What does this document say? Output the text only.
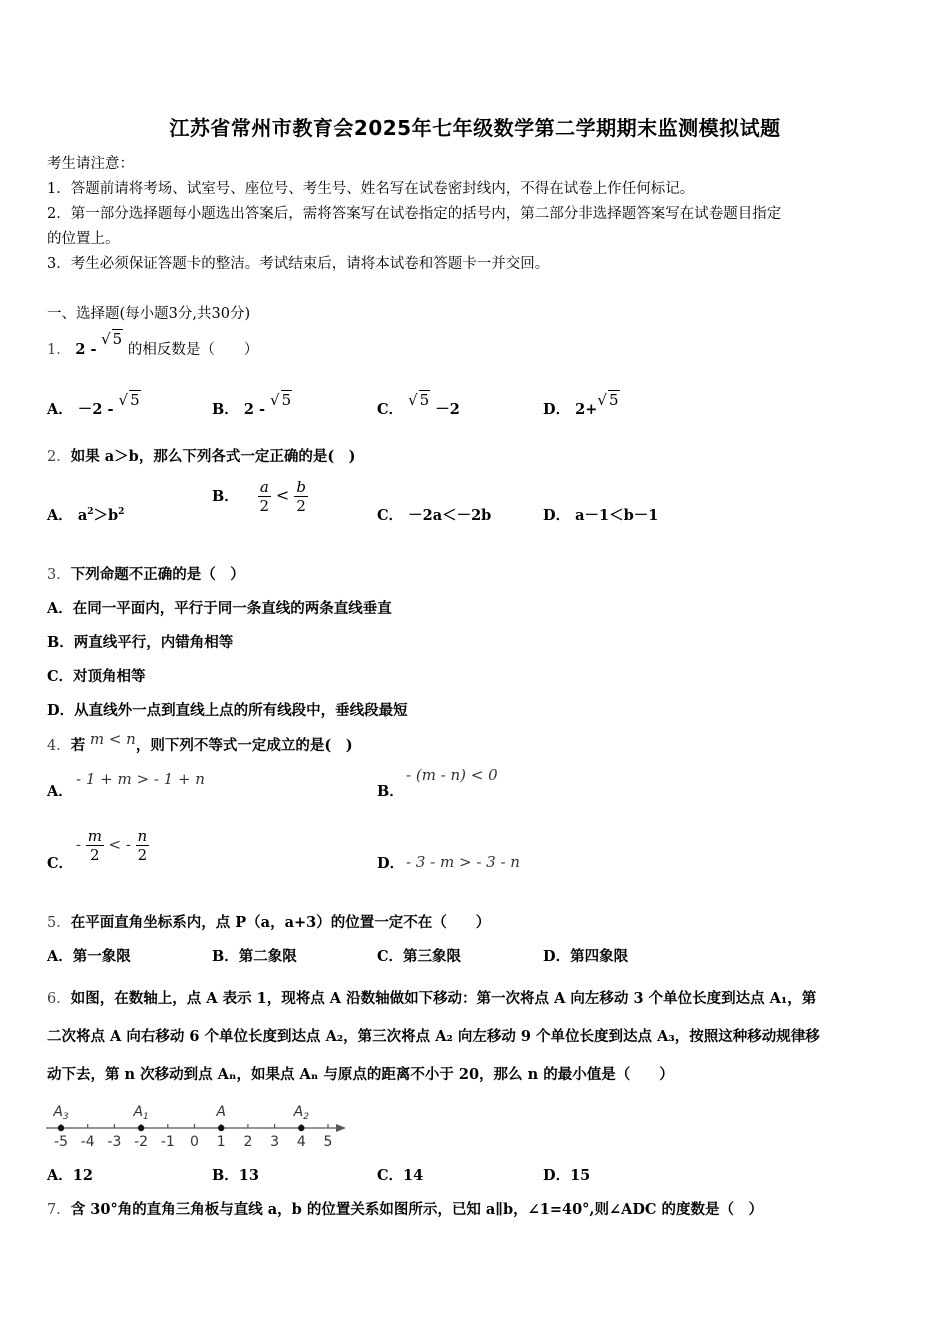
江苏省常州市教育会2025年七年级数学第二学期期末监测模拟试题
考生请注意：
1．答题前请将考场、试室号、座位号、考生号、姓名写在试卷密封线内，不得在试卷上作任何标记。
2．第一部分选择题每小题选出答案后，需将答案写在试卷指定的括号内，第二部分非选择题答案写在试卷题目指定
的位置上。
3．考生必须保证答题卡的整洁。考试结束后，请将本试卷和答题卡一并交回。
一、选择题(每小题3分,共30分)
1． 2 - √ 5 的相反数是（　　）
A． －2 - √ 5
B． 2 - √ 5
C． √ 5 －2	D． 2+√ 5
2．如果 a＞b，那么下列各式一定正确的是(　)
A． $a^2>b^2$
B． $\frac{a}{2} < \frac{b}{2}$
C． －2a＜－2b	D． a－1＜b－1
3．下列命题不正确的是（　）
A．在同一平面内，平行于同一条直线的两条直线垂直
B．两直线平行，内错角相等
C．对顶角相等
D．从直线外一点到直线上点的所有线段中，垂线段最短
4．若 m < n，则下列不等式一定成立的是(　)
A．
- 1 + m > - 1 + n
B．
- (m - n) < 0
C．
- $\frac{m}{2}$ < - $\frac{n}{2}$	D． - 3 - m > - 3 - n
5．在平面直角坐标系内，点 P（a，a+3）的位置一定不在（　　）
A．第一象限	B．第二象限	C．第三象限	D．第四象限
6．如图，在数轴上，点 A 表示 1，现将点 A 沿数轴做如下移动：第一次将点 A 向左移动 3 个单位长度到达点 A₁，第
二次将点 A 向右移动 6 个单位长度到达点 A₂，第三次将点 A₂ 向左移动 9 个单位长度到达点 A₃，按照这种移动规律移
动下去，第 n 次移动到点 Aₙ，如果点 Aₙ 与原点的距离不小于 20，那么 n 的最小值是（　　）
-5 -4 -3 -2 -1 0 1 2 3 4 5
$A_3$	$A_1$	A	$A_2$
A．12	B．13	C．14	D．15
7．含 30°角的直角三角板与直线 a，b 的位置关系如图所示，已知 a∥b，∠1=40°,则∠ADC 的度数是（　）
